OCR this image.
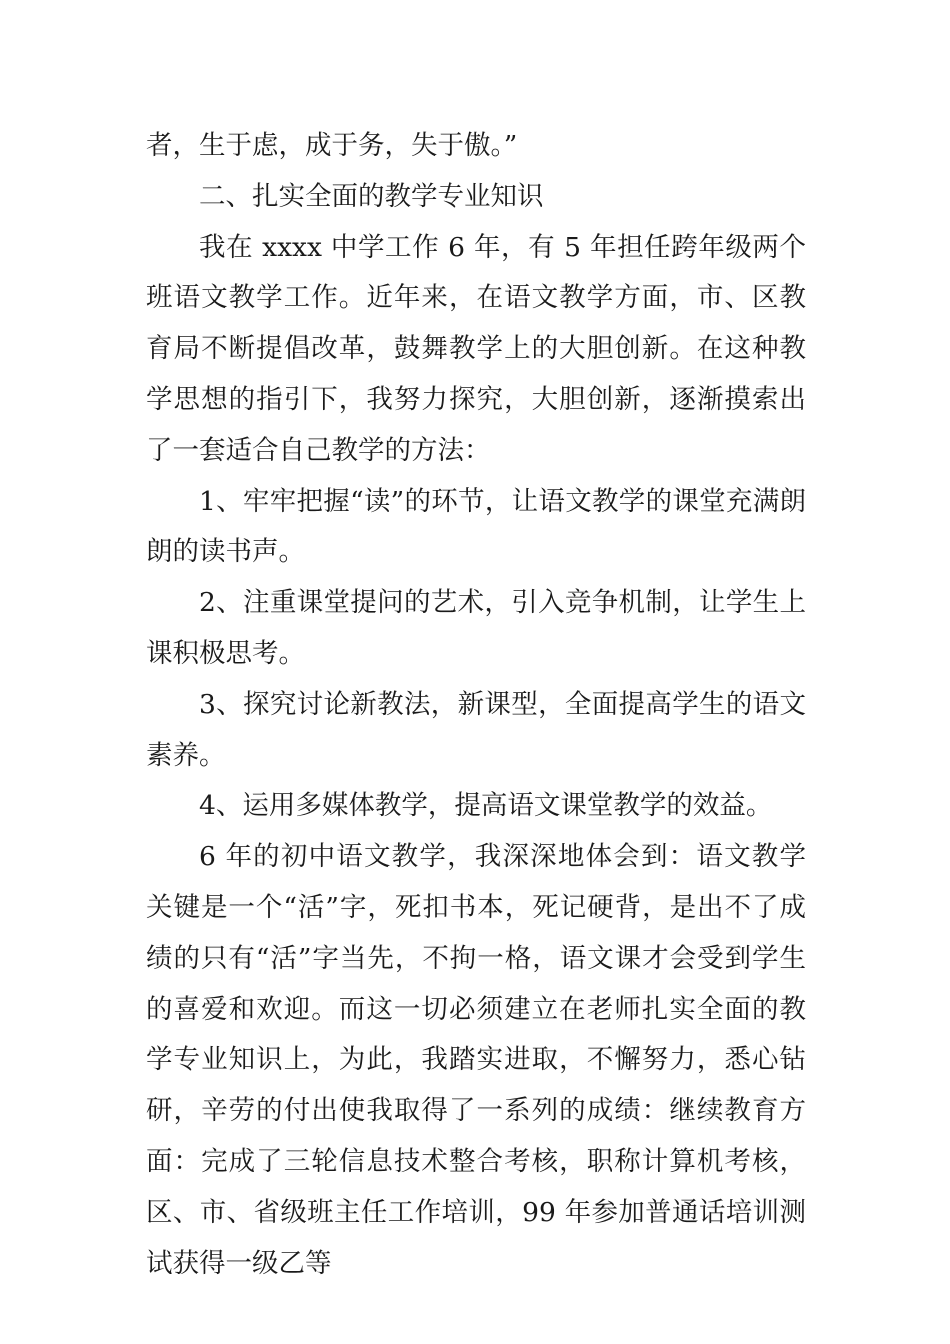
者，生于虑，成于务，失于傲。”

二、扎实全面的教学专业知识

我在 xxxx 中学工作 6 年，有 5 年担任跨年级两个班语文教学工作。近年来，在语文教学方面，市、区教育局不断提倡改革，鼓舞教学上的大胆创新。在这种教学思想的指引下，我努力探究，大胆创新，逐渐摸索出了一套适合自己教学的方法：

1、牢牢把握“读”的环节，让语文教学的课堂充满朗朗的读书声。

2、注重课堂提问的艺术，引入竞争机制，让学生上课积极思考。

3、探究讨论新教法，新课型，全面提高学生的语文素养。

4、运用多媒体教学，提高语文课堂教学的效益。

6 年的初中语文教学，我深深地体会到：语文教学关键是一个“活”字，死扣书本，死记硬背，是出不了成绩的只有“活”字当先，不拘一格，语文课才会受到学生的喜爱和欢迎。而这一切必须建立在老师扎实全面的教学专业知识上，为此，我踏实进取，不懈努力，悉心钻研，辛劳的付出使我取得了一系列的成绩：继续教育方面：完成了三轮信息技术整合考核，职称计算机考核，区、市、省级班主任工作培训，99 年参加普通话培训测试获得一级乙等
